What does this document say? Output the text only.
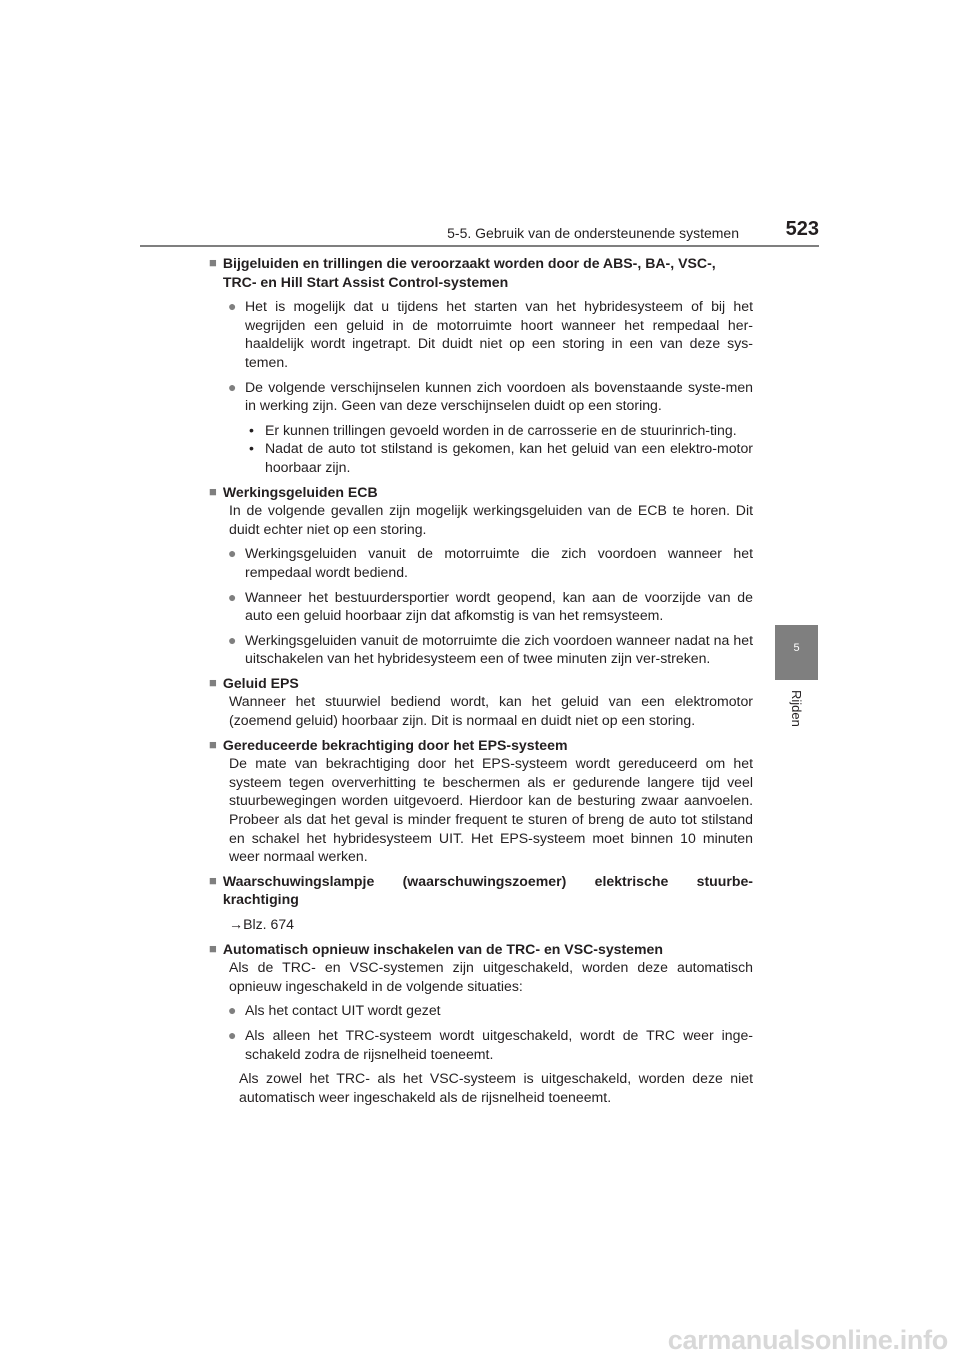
5-5. Gebruik van de ondersteunende systemen 523
5
Rijden
■ Bijgeluiden en trillingen die veroorzaakt worden door de ABS-, BA-, VSC-, TRC- en Hill Start Assist Control-systemen
● Het is mogelijk dat u tijdens het starten van het hybridesysteem of bij het wegrijden een geluid in de motorruimte hoort wanneer het rempedaal her-haaldelijk wordt ingetrapt. Dit duidt niet op een storing in een van deze sys-temen.
● De volgende verschijnselen kunnen zich voordoen als bovenstaande syste-men in werking zijn. Geen van deze verschijnselen duidt op een storing.
• Er kunnen trillingen gevoeld worden in de carrosserie en de stuurinrich-ting.
• Nadat de auto tot stilstand is gekomen, kan het geluid van een elektro-motor hoorbaar zijn.
■ Werkingsgeluiden ECB
In de volgende gevallen zijn mogelijk werkingsgeluiden van de ECB te horen. Dit duidt echter niet op een storing.
● Werkingsgeluiden vanuit de motorruimte die zich voordoen wanneer het rempedaal wordt bediend.
● Wanneer het bestuurdersportier wordt geopend, kan aan de voorzijde van de auto een geluid hoorbaar zijn dat afkomstig is van het remsysteem.
● Werkingsgeluiden vanuit de motorruimte die zich voordoen wanneer nadat na het uitschakelen van het hybridesysteem een of twee minuten zijn ver-streken.
■ Geluid EPS
Wanneer het stuurwiel bediend wordt, kan het geluid van een elektromotor (zoemend geluid) hoorbaar zijn. Dit is normaal en duidt niet op een storing.
■ Gereduceerde bekrachtiging door het EPS-systeem
De mate van bekrachtiging door het EPS-systeem wordt gereduceerd om het systeem tegen oververhitting te beschermen als er gedurende langere tijd veel stuurbewegingen worden uitgevoerd. Hierdoor kan de besturing zwaar aanvoelen. Probeer als dat het geval is minder frequent te sturen of breng de auto tot stilstand en schakel het hybridesysteem UIT. Het EPS-systeem moet binnen 10 minuten weer normaal werken.
■ Waarschuwingslampje (waarschuwingszoemer) elektrische stuurbe-krachtiging
→Blz. 674
■ Automatisch opnieuw inschakelen van de TRC- en VSC-systemen
Als de TRC- en VSC-systemen zijn uitgeschakeld, worden deze automatisch opnieuw ingeschakeld in de volgende situaties:
● Als het contact UIT wordt gezet
● Als alleen het TRC-systeem wordt uitgeschakeld, wordt de TRC weer inge-schakeld zodra de rijsnelheid toeneemt.
Als zowel het TRC- als het VSC-systeem is uitgeschakeld, worden deze niet automatisch weer ingeschakeld als de rijsnelheid toeneemt.
carmanualsonline.info
